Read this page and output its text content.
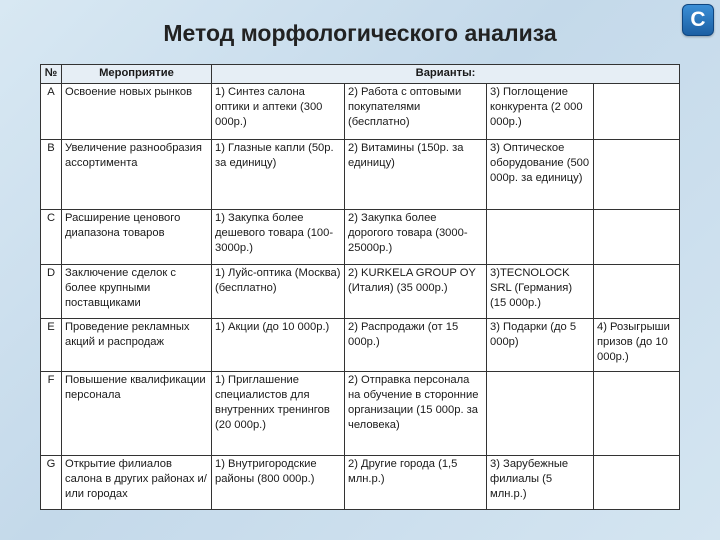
Метод морфологического анализа
С
№	Мероприятие	Варианты:			
A	Освоение новых рынков	1) Синтез салона оптики и аптеки (300 000р.)	2) Работа с оптовыми покупателями (бесплатно)	3) Поглощение конкурента (2 000 000р.)	
B	Увеличение разнообразия ассортимента	1) Глазные капли (50р. за единицу)	2) Витамины (150р. за единицу)	3) Оптическое оборудование (500 000р. за единицу)	
C	Расширение ценового диапазона товаров	1) Закупка более дешевого товара (100-3000р.)	2) Закупка более дорогого товара (3000-25000р.)		
D	Заключение сделок с более крупными поставщиками	1) Луйс-оптика (Москва) (бесплатно)	2) KURKELA GROUP OY (Италия) (35 000р.)	3)TECNOLOCK SRL (Германия) (15 000р.)	
E	Проведение рекламных акций и распродаж	1) Акции (до 10 000р.)	2) Распродажи (от 15 000р.)	3) Подарки (до 5 000р)	4) Розыгрыши призов (до 10 000р.)
F	Повышение квалификации персонала	1) Приглашение специалистов для внутренних тренингов (20 000р.)	2) Отправка персонала на обучение в сторонние организации (15 000р. за человека)		
G	Открытие филиалов салона в других районах и/или городах	1) Внутригородские районы (800 000р.)	2) Другие города (1,5 млн.р.)	3) Зарубежные филиалы (5 млн.р.)	
